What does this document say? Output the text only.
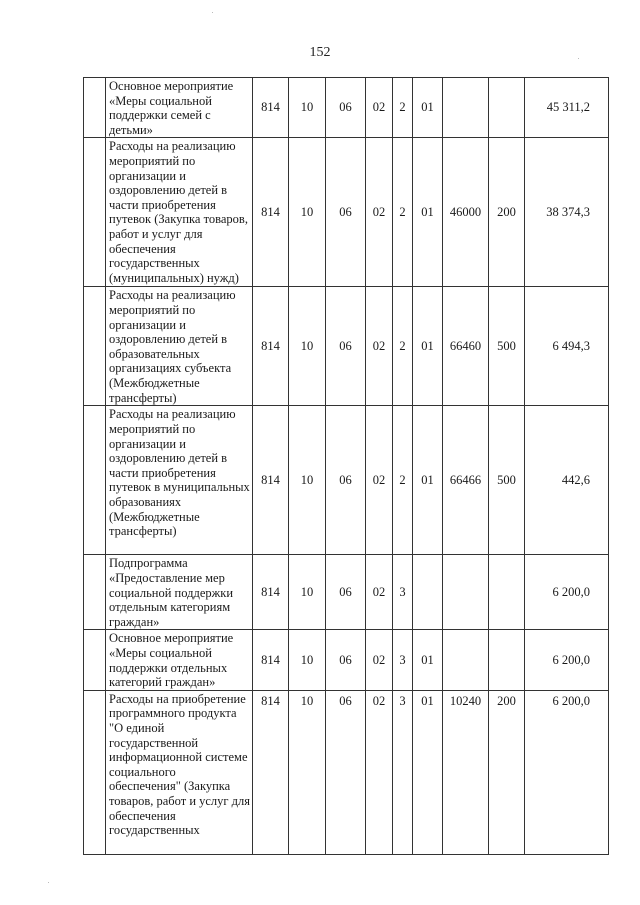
152
	Основное мероприятие «Меры социальной поддержки семей с детьми»	814	10	06	02	2	01			45 311,2
	Расходы на реализацию мероприятий по организации и оздоровлению детей в части приобретения путевок (Закупка товаров, работ и услуг для обеспечения государственных (муниципальных) нужд)	814	10	06	02	2	01	46000	200	38 374,3
	Расходы на реализацию мероприятий по организации и оздоровлению детей в образовательных организациях субъекта (Межбюджетные трансферты)	814	10	06	02	2	01	66460	500	6 494,3
	Расходы на реализацию мероприятий по организации и оздоровлению детей в части приобретения путевок в муниципальных образованиях (Межбюджетные трансферты)	814	10	06	02	2	01	66466	500	442,6
	Подпрограмма «Предоставление мер социальной поддержки отдельным категориям граждан»	814	10	06	02	3				6 200,0
	Основное мероприятие «Меры социальной поддержки отдельных категорий граждан»	814	10	06	02	3	01			6 200,0
	Расходы на приобретение программного продукта "О единой государственной информационной системе социального обеспечения" (Закупка товаров, работ и услуг для обеспечения государственных	814	10	06	02	3	01	10240	200	6 200,0
